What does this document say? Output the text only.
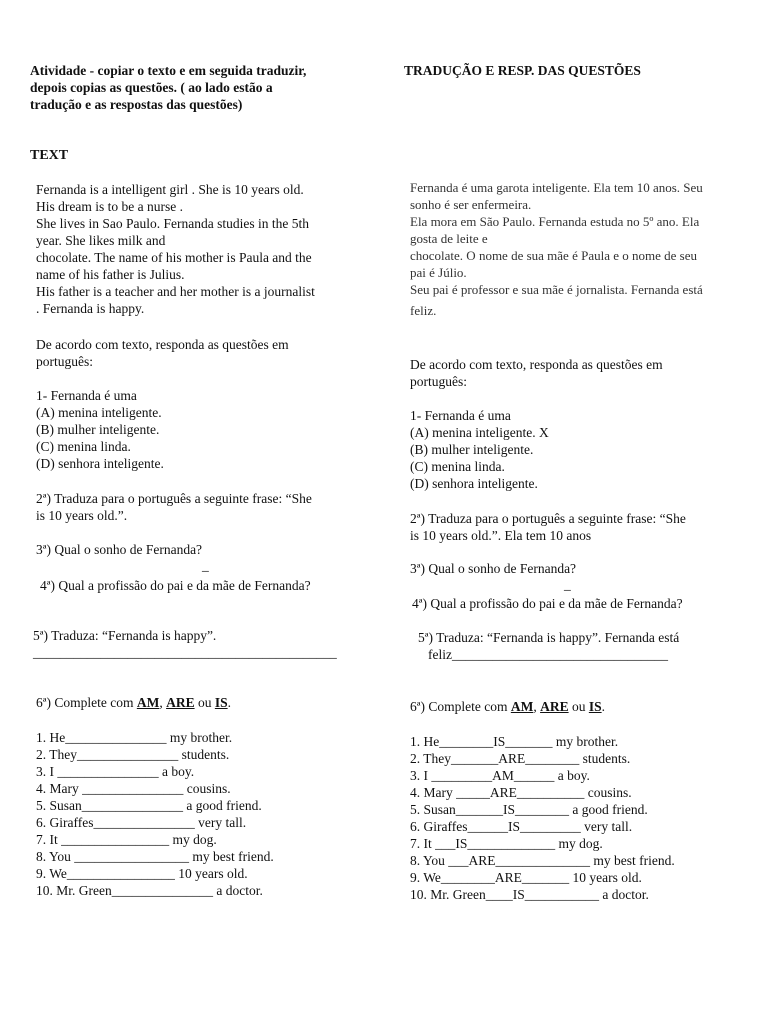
Atividade - copiar o texto e em seguida traduzir,
depois copias as questões. ( ao lado estão a
tradução e as respostas das questões)
TEXT
Fernanda is a intelligent girl . She is 10 years old.
His dream is to be a nurse .
She lives in Sao Paulo. Fernanda studies in the 5th
year. She likes milk and
chocolate. The name of his mother is Paula and the
name of his father is Julius.
His father is a teacher and her mother is a journalist
. Fernanda is happy.
De acordo com texto, responda as questões em
português:
1- Fernanda é uma
(A) menina inteligente.
(B) mulher inteligente.
(C) menina linda.
(D) senhora inteligente.
2ª) Traduza para o português a seguinte frase: “She
is 10 years old.”.
3ª) Qual o sonho de Fernanda?
_
4ª) Qual a profissão do pai e da mãe de Fernanda?
5ª) Traduza: “Fernanda is happy”.
_____________________________________________
6ª) Complete com AM, ARE ou IS.
1. He_______________ my brother.
2. They_______________ students.
3. I _______________ a boy.
4. Mary _______________ cousins.
5. Susan_______________ a good friend.
6. Giraffes_______________ very tall.
7. It ________________ my dog.
8. You _________________ my best friend.
9. We________________ 10 years old.
10. Mr. Green_______________ a doctor.
TRADUÇÃO E RESP. DAS QUESTÕES
Fernanda é uma garota inteligente. Ela tem 10 anos. Seu
sonho é ser enfermeira.
Ela mora em São Paulo. Fernanda estuda no 5º ano. Ela
gosta de leite e
chocolate. O nome de sua mãe é Paula e o nome de seu
pai é Júlio.
Seu pai é professor e sua mãe é jornalista. Fernanda está
feliz.
De acordo com texto, responda as questões em
português:
1- Fernanda é uma
(A) menina inteligente. X
(B) mulher inteligente.
(C) menina linda.
(D) senhora inteligente.
2ª) Traduza para o português a seguinte frase: “She
is 10 years old.”. Ela tem 10 anos
3ª) Qual o sonho de Fernanda?
_
4ª) Qual a profissão do pai e da mãe de Fernanda?
5ª) Traduza: “Fernanda is happy”. Fernanda está
feliz________________________________
6ª) Complete com AM, ARE ou IS.
1. He________IS_______ my brother.
2. They_______ARE________ students.
3. I _________AM______ a boy.
4. Mary _____ARE__________ cousins.
5. Susan_______IS________ a good friend.
6. Giraffes______IS_________ very tall.
7. It ___IS_____________ my dog.
8. You ___ARE______________ my best friend.
9. We________ARE_______ 10 years old.
10. Mr. Green____IS___________ a doctor.
